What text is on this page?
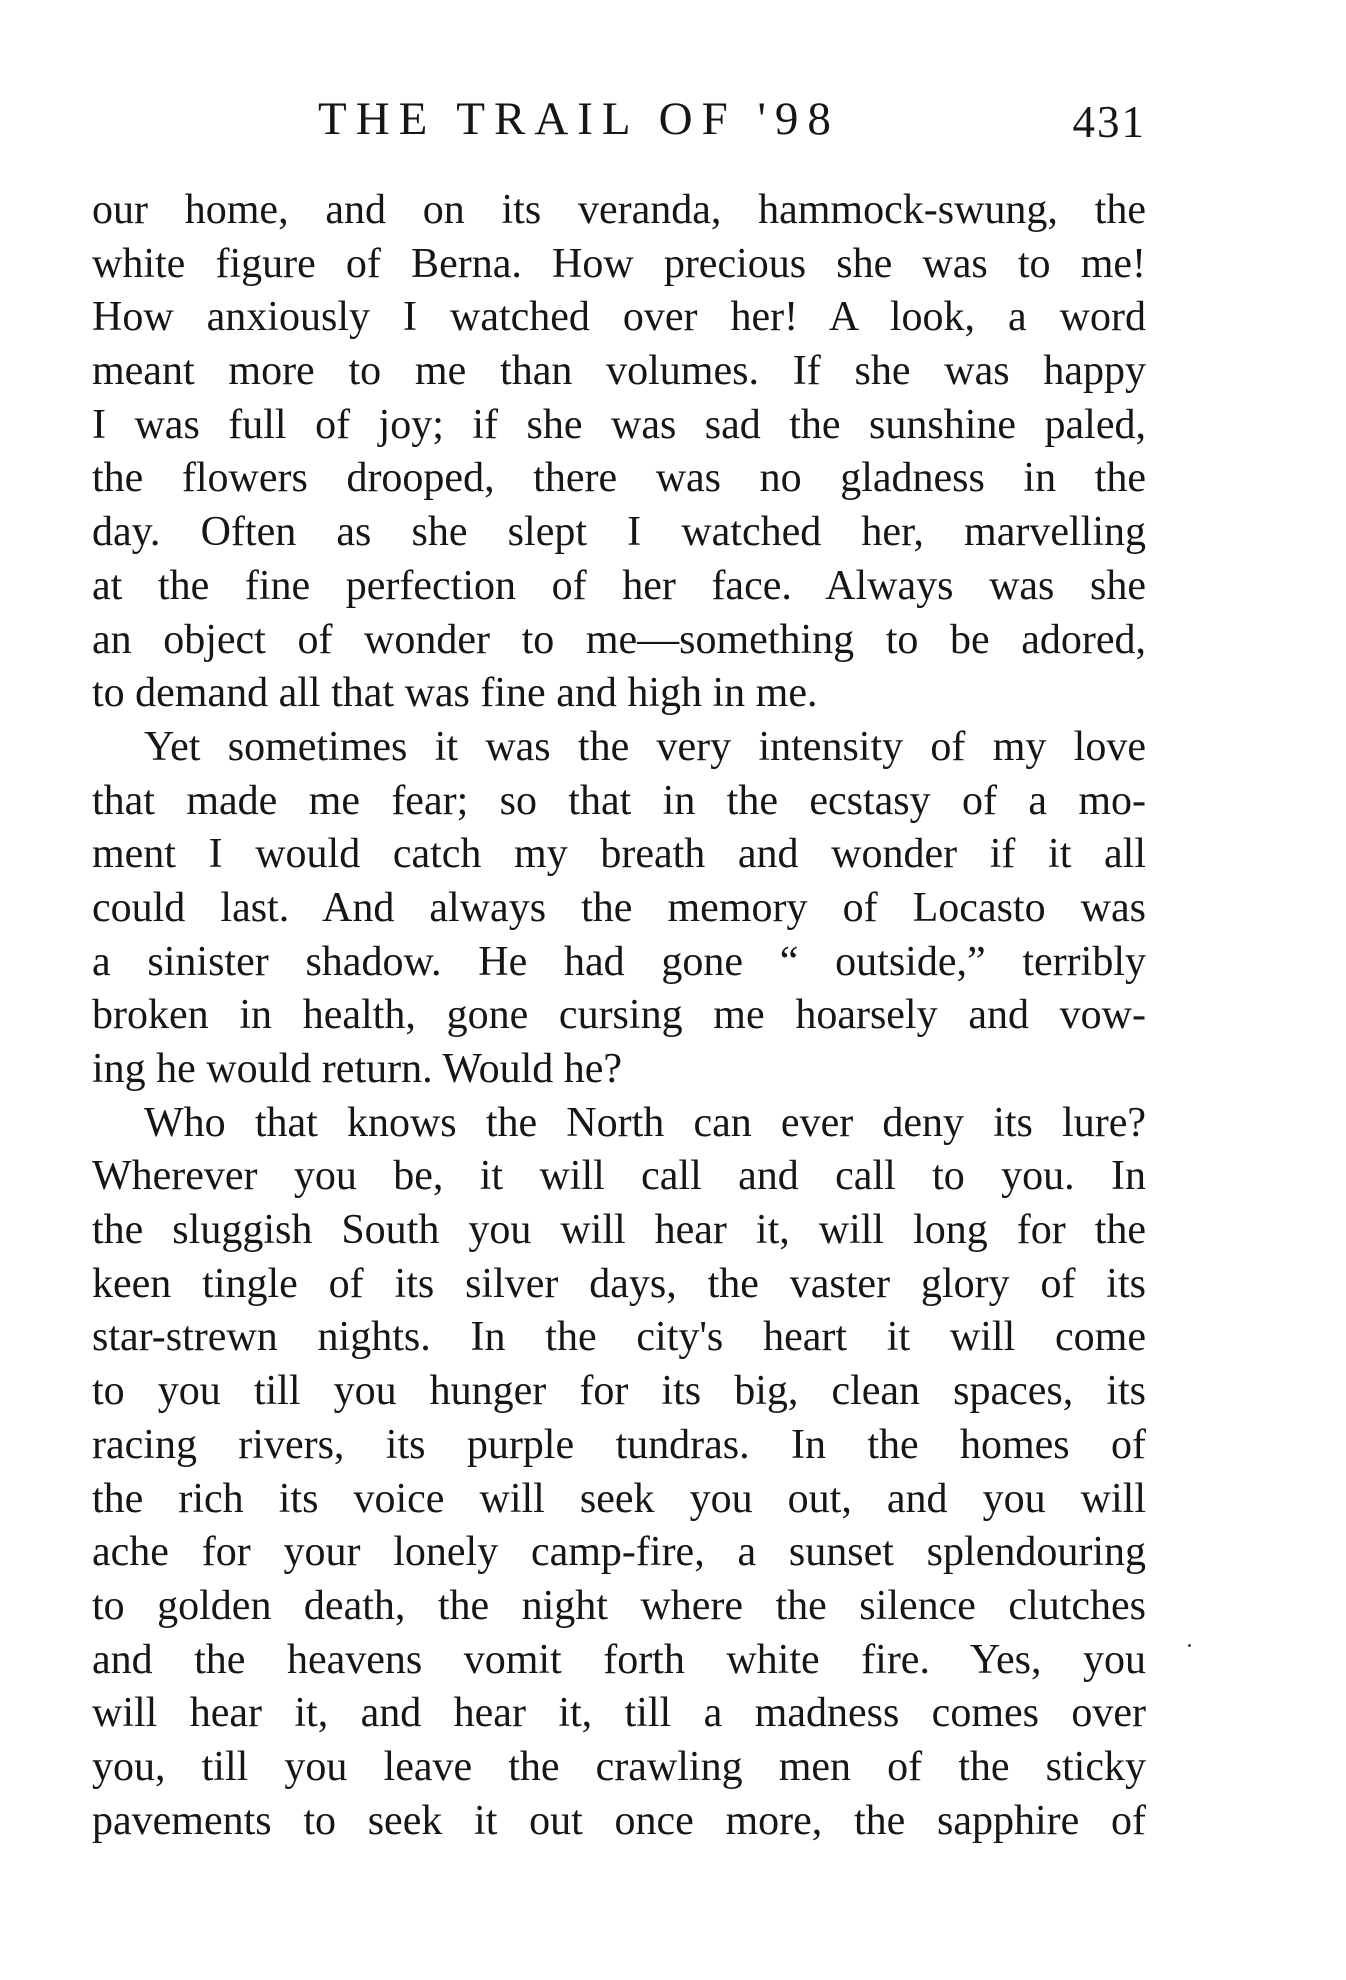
THE TRAIL OF '98	431
our home, and on its veranda, hammock-swung, the
white figure of Berna. How precious she was to me!
How anxiously I watched over her! A look, a word
meant more to me than volumes. If she was happy
I was full of joy; if she was sad the sunshine paled,
the flowers drooped, there was no gladness in the
day. Often as she slept I watched her, marvelling
at the fine perfection of her face. Always was she
an object of wonder to me—something to be adored,
to demand all that was fine and high in me.
Yet sometimes it was the very intensity of my love
that made me fear; so that in the ecstasy of a mo-
ment I would catch my breath and wonder if it all
could last. And always the memory of Locasto was
a sinister shadow. He had gone “ outside,” terribly
broken in health, gone cursing me hoarsely and vow-
ing he would return. Would he?
Who that knows the North can ever deny its lure?
Wherever you be, it will call and call to you. In
the sluggish South you will hear it, will long for the
keen tingle of its silver days, the vaster glory of its
star-strewn nights. In the city's heart it will come
to you till you hunger for its big, clean spaces, its
racing rivers, its purple tundras. In the homes of
the rich its voice will seek you out, and you will
ache for your lonely camp-fire, a sunset splendouring
to golden death, the night where the silence clutches
and the heavens vomit forth white fire. Yes, you
will hear it, and hear it, till a madness comes over
you, till you leave the crawling men of the sticky
pavements to seek it out once more, the sapphire of
